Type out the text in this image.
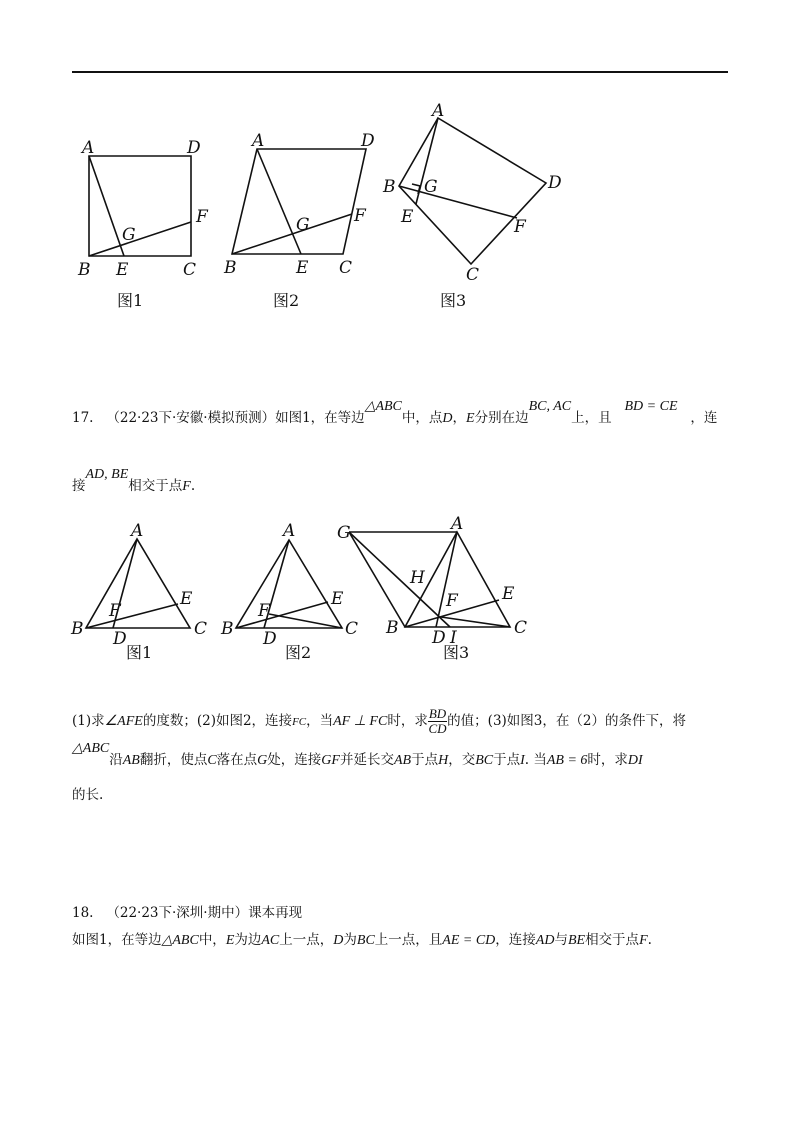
A	D
B E	C
F
G
图1
A	D
B	E C
F
G
图2
A
B G	D
E	F
C
图3
17. （22·23下·安徽·模拟预测）如图1，在等边△ABC中，点D，E分别在边BC, AC上，且   BD = CE   ，连
接AD, BE相交于点F.
A
B	C
D
E
F
图1
A
B	C
D
E
F
图2
G	A
H
F	E
B D I	C
图3
(1)求∠AFE的度数；(2)如图2，连接FC，当AF ⊥ FC时，求 $\frac{BD}{CD}$ 的值；(3)如图3，在（2）的条件下，将
△ABC沿AB翻折，使点C落在点G处，连接GF并延长交AB于点H，交BC于点I. 当AB = 6时，求DI
的长.
18. （22·23下·深圳·期中）课本再现
如图1，在等边△ABC中，E为边AC上一点，D为BC上一点，且AE = CD，连接AD与BE相交于点F.
